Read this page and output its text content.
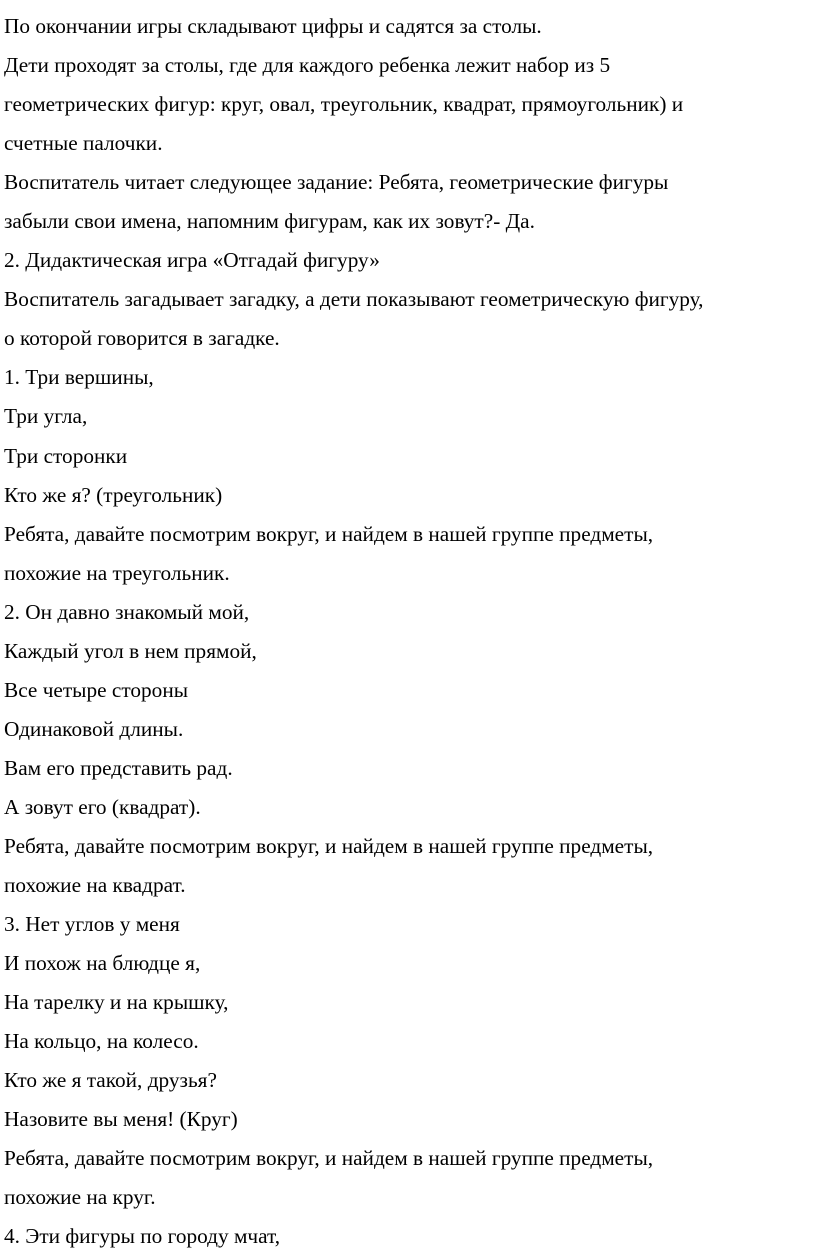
По окончании игры складывают цифры и садятся за столы.
Дети проходят за столы, где для каждого ребенка лежит набор из 5
геометрических фигур: круг, овал, треугольник, квадрат, прямоугольник) и
счетные палочки.
Воспитатель читает следующее задание: Ребята, геометрические фигуры
забыли свои имена, напомним фигурам, как их зовут?- Да.
2. Дидактическая игра «Отгадай фигуру»
Воспитатель загадывает загадку, а дети показывают геометрическую фигуру,
о которой говорится в загадке.
1. Три вершины,
Три угла,
Три сторонки
Кто же я? (треугольник)
Ребята, давайте посмотрим вокруг, и найдем в нашей группе предметы,
похожие на треугольник.
2. Он давно знакомый мой,
Каждый угол в нем прямой,
Все четыре стороны
Одинаковой длины.
Вам его представить рад.
А зовут его (квадрат).
Ребята, давайте посмотрим вокруг, и найдем в нашей группе предметы,
похожие на квадрат.
3. Нет углов у меня
И похож на блюдце я,
На тарелку и на крышку,
На кольцо, на колесо.
Кто же я такой, друзья?
Назовите вы меня! (Круг)
Ребята, давайте посмотрим вокруг, и найдем в нашей группе предметы,
похожие на круг.
4. Эти фигуры по городу мчат,
